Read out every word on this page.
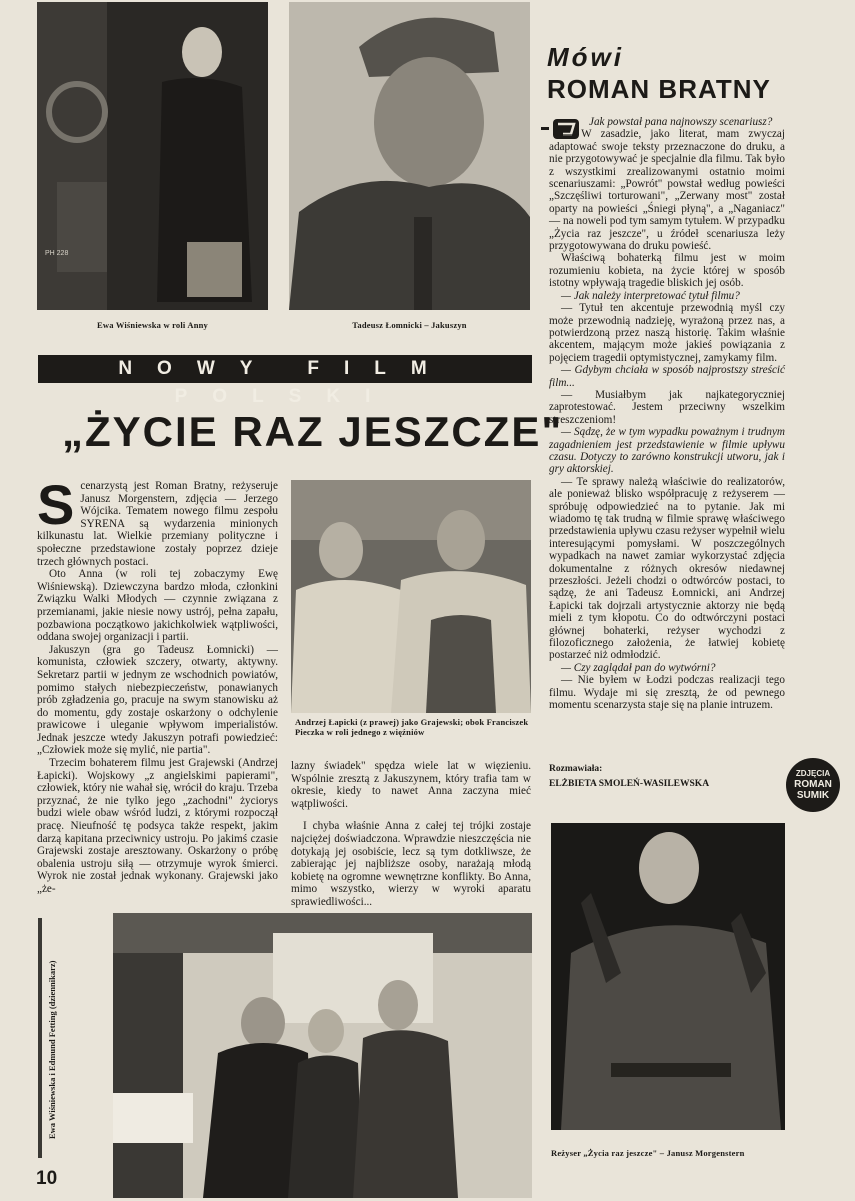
PH 228
Ewa Wiśniewska w roli Anny	Tadeusz Łomnicki – Jakuszyn
NOWY FILM POLSKI
„ŻYCIE RAZ JESZCZE"

Scenarzystą jest Roman Bratny, reżyseruje Janusz Morgenstern, zdjęcia — Jerzego Wójcika. Tematem nowego filmu zespołu SYRENA są wydarzenia minionych kilkunastu lat. Wielkie przemiany polityczne i społeczne przedstawione zostały poprzez dzieje trzech głównych postaci.

Oto Anna (w roli tej zobaczymy Ewę Wiśniewską). Dziewczyna bardzo młoda, członkini Związku Walki Młodych — czynnie związana z przemianami, jakie niesie nowy ustrój, pełna zapału, pozbawiona początkowo jakichkolwiek wątpliwości, oddana swojej organizacji i partii.

Jakuszyn (gra go Tadeusz Łomnicki) — komunista, człowiek szczery, otwarty, aktywny. Sekretarz partii w jednym ze wschodnich powiatów, pomimo stałych niebezpieczeństw, ponawianych prób zgładzenia go, pracuje na swym stanowisku aż do momentu, gdy zostaje oskarżony o odchylenie prawicowe i uleganie wpływom imperialistów. Jednak jeszcze wtedy Jakuszyn potrafi powiedzieć: „Człowiek może się mylić, nie partia".

Trzecim bohaterem filmu jest Grajewski (Andrzej Łapicki). Wojskowy „z angielskimi papierami", człowiek, który nie wahał się, wrócił do kraju. Trzeba przyznać, że nie tylko jego „zachodni" życiorys budzi wiele obaw wśród ludzi, z którymi rozpoczął pracę. Nieufność tę podsyca także respekt, jakim darzą kapitana przeciwnicy ustroju. Po jakimś czasie Grajewski zostaje aresztowany. Oskarżony o próbę obalenia ustroju siłą — otrzymuje wyrok śmierci. Wyrok nie został jednak wykonany. Grajewski jako „że-

Andrzej Łapicki (z prawej) jako Grajewski; obok Franciszek Pieczka w roli jednego z więźniów

lazny świadek" spędza wiele lat w więzieniu. Wspólnie zresztą z Jakuszynem, który trafia tam w okresie, kiedy to nawet Anna zaczyna mieć wątpliwości.

I chyba właśnie Anna z całej tej trójki zostaje najciężej doświadczona. Wprawdzie nieszczęścia nie dotykają jej osobiście, lecz są tym dotkliwsze, że zabierając jej najbliższe osoby, narażają młodą kobietę na ogromne wewnętrzne konflikty. Bo Anna, mimo wszystko, wierzy w wyroki aparatu sprawiedliwości...

Mówi
ROMAN BRATNY

Jak powstał pana najnowszy scenariusz?

— W zasadzie, jako literat, mam zwyczaj adaptować swoje teksty przeznaczone do druku, a nie przygotowywać je specjalnie dla filmu. Tak było z wszystkimi zrealizowanymi ostatnio moimi scenariuszami: „Powrót" powstał według powieści „Szczęśliwi torturowani", „Zerwany most" został oparty na powieści „Śniegi płyną", a „Naganiacz" — na noweli pod tym samym tytułem. W przypadku „Życia raz jeszcze", u źródeł scenariusza leży przygotowywana do druku powieść.

Właściwą bohaterką filmu jest w moim rozumieniu kobieta, na życie której w sposób istotny wpływają tragedie bliskich jej osób.

— Jak należy interpretować tytuł filmu?

— Tytuł ten akcentuje przewodnią myśl czy może przewodnią nadzieję, wyrażoną przez nas, a potwierdzoną przez naszą historię. Takim właśnie akcentem, mającym może jakieś powiązania z pojęciem tragedii optymistycznej, zamykamy film.

— Gdybym chciała w sposób najprostszy streścić film...

— Musiałbym jak najkategoryczniej zaprotestować. Jestem przeciwny wszelkim streszczeniom!

— Sądzę, że w tym wypadku poważnym i trudnym zagadnieniem jest przedstawienie w filmie upływu czasu. Dotyczy to zarówno konstrukcji utworu, jak i gry aktorskiej.

— Te sprawy należą właściwie do realizatorów, ale ponieważ blisko współpracuję z reżyserem — spróbuję odpowiedzieć na to pytanie. Jak mi wiadomo tę tak trudną w filmie sprawę właściwego przedstawienia upływu czasu reżyser wypełnił wielu interesującymi pomysłami. W poszczególnych wypadkach na nawet zamiar wykorzystać zdjęcia dokumentalne z różnych okresów niedawnej przeszłości. Jeżeli chodzi o odtwórców postaci, to sądzę, że ani Tadeusz Łomnicki, ani Andrzej Łapicki tak dojrzali artystycznie aktorzy nie będą mieli z tym kłopotu. Co do odtwórczyni postaci głównej bohaterki, reżyser wychodzi z filozoficznego założenia, że łatwiej kobietę postarzeć niż odmłodzić.

— Czy zaglądał pan do wytwórni?

— Nie byłem w Łodzi podczas realizacji tego filmu. Wydaje mi się zresztą, że od pewnego momentu scenarzysta staje się na planie intruzem.

Rozmawiała:
ELŻBIETA SMOLEŃ-WASILEWSKA
ZDJĘCIA
ROMAN
SUMIK
Reżyser „Życia raz jeszcze" – Janusz Morgenstern
Ewa Wiśniewska i Edmund Fetting (dziennikarz)
10
